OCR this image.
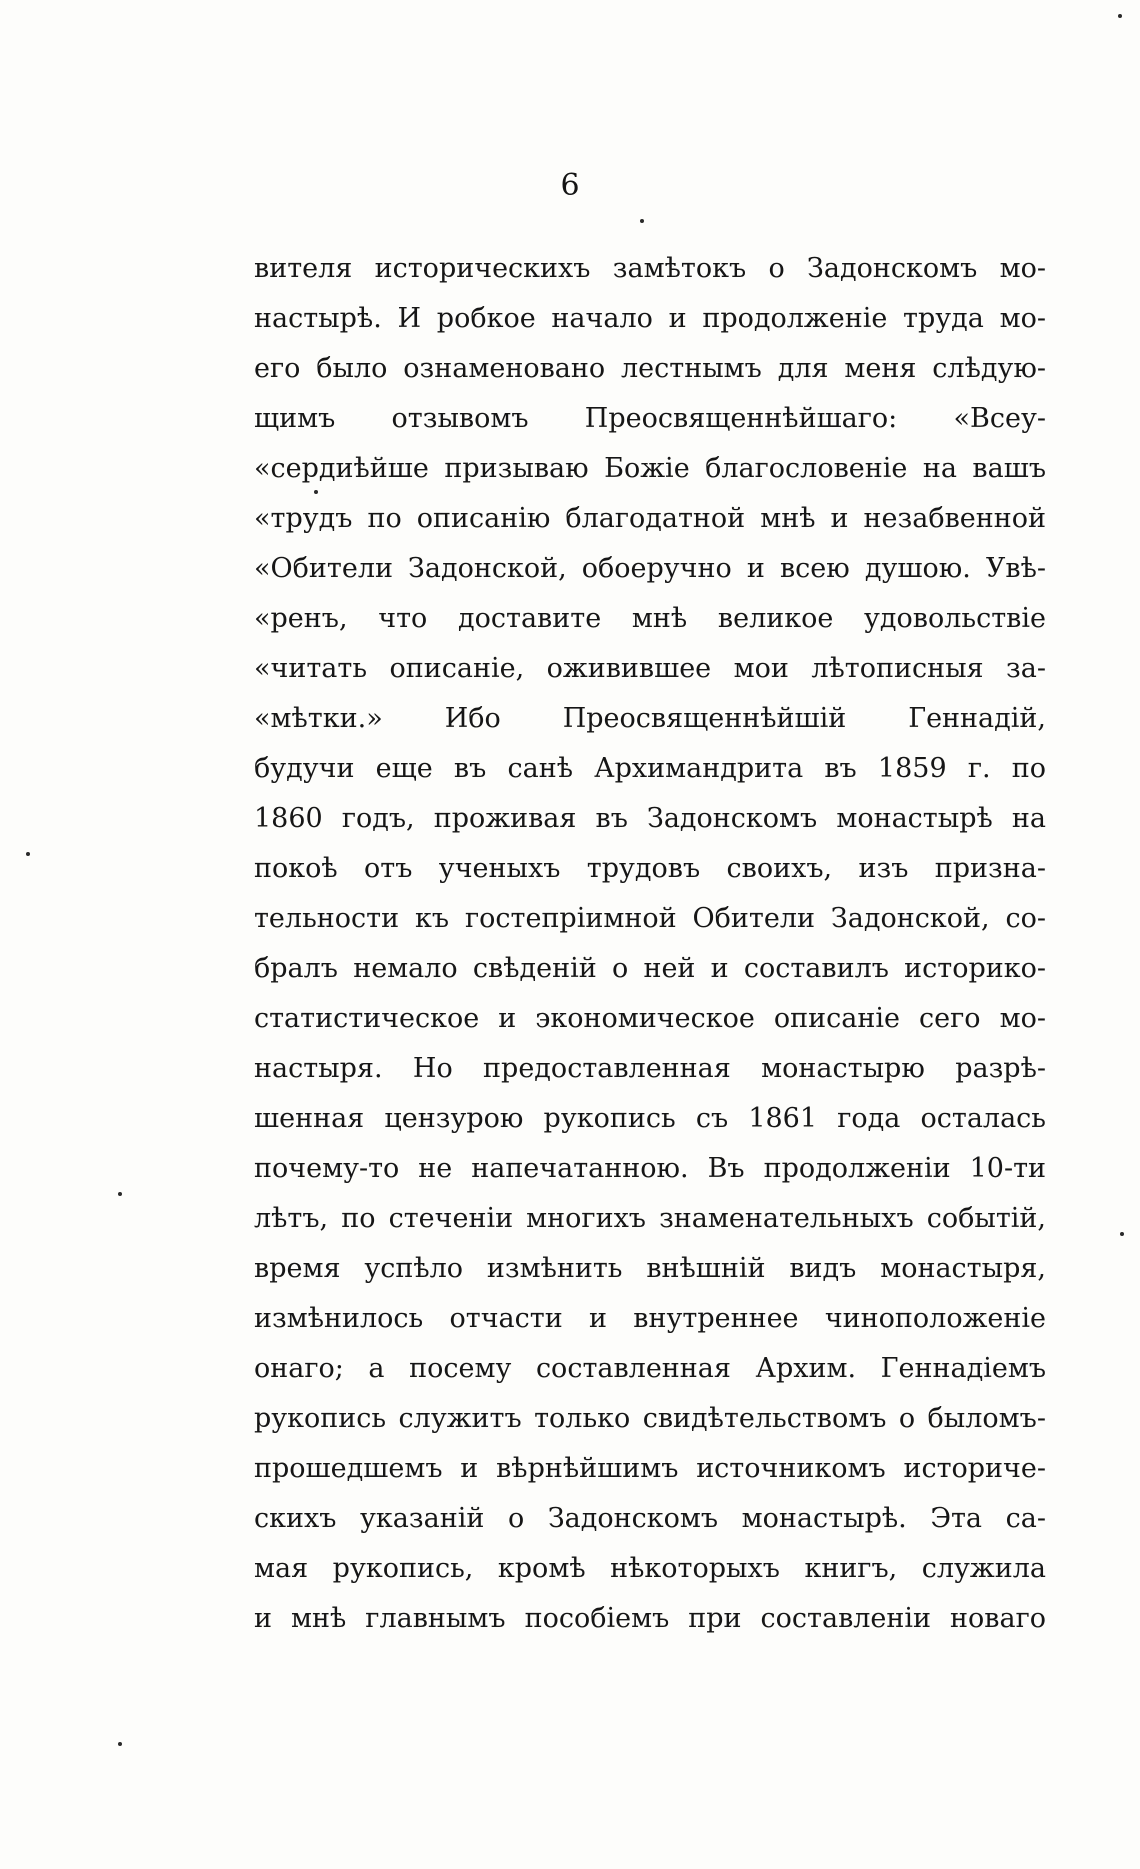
6
вителя историческихъ замѣтокъ о Задонскомъ мо-
настырѣ. И робкое начало и продолженіе труда мо-
его было ознаменовано лестнымъ для меня слѣдую-
щимъ отзывомъ Преосвященнѣйшаго: «Всеу-
«сердиѣйше призываю Божіе благословеніе на вашъ
«трудъ по описанію благодатной мнѣ и незабвенной
«Обители Задонской, обоеручно и всею душою. Увѣ-
«ренъ, что доставите мнѣ великое удовольствіе
«читать описаніе, оживившее мои лѣтописныя за-
«мѣтки.» Ибо Преосвященнѣйшій Геннадій,
будучи еще въ санѣ Архимандрита въ 1859 г. по
1860 годъ, проживая въ Задонскомъ монастырѣ на
покоѣ отъ ученыхъ трудовъ своихъ, изъ призна-
тельности къ гостепріимной Обители Задонской, со-
бралъ немало свѣденій о ней и составилъ историко-
статистическое и экономическое описаніе сего мо-
настыря. Но предоставленная монастырю разрѣ-
шенная цензурою рукопись съ 1861 года осталась
почему-то не напечатанною. Въ продолженіи 10-ти
лѣтъ, по стеченіи многихъ знаменательныхъ событій,
время успѣло измѣнить внѣшній видъ монастыря,
измѣнилось отчасти и внутреннее чиноположеніе
онаго; а посему составленная Архим. Геннадіемъ
рукопись служитъ только свидѣтельствомъ о быломъ-
прошедшемъ и вѣрнѣйшимъ источникомъ историче-
скихъ указаній о Задонскомъ монастырѣ. Эта са-
мая рукопись, кромѣ нѣкоторыхъ книгъ, служила
и мнѣ главнымъ пособіемъ при составленіи новаго
